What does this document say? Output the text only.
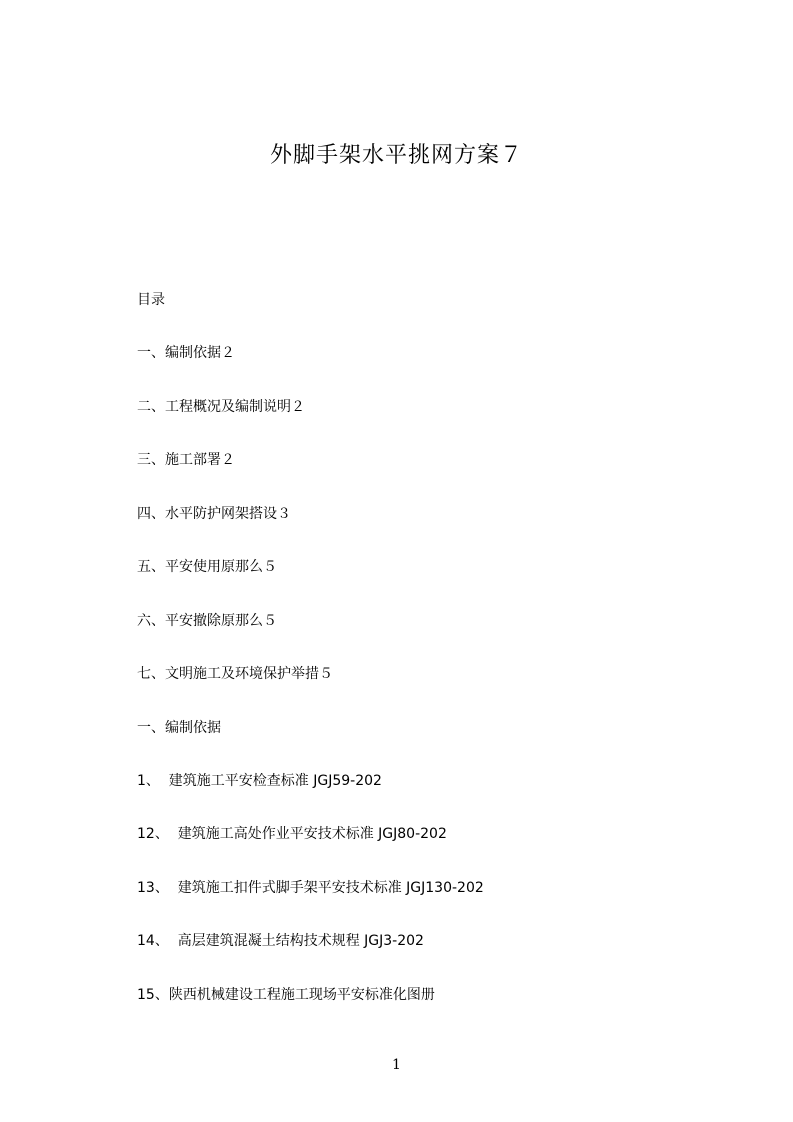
外脚手架水平挑网方案７
目录
一、编制依据２
二、工程概况及编制说明２
三、施工部署２
四、水平防护网架搭设３
五、平安使用原那么５
六、平安撤除原那么５
七、文明施工及环境保护举措５
一、编制依据
1、  建筑施工平安检查标准 JGJ59-202
12、  建筑施工高处作业平安技术标准 JGJ80-202
13、  建筑施工扣件式脚手架平安技术标准 JGJ130-202
14、  高层建筑混凝土结构技术规程 JGJ3-202
15、陕西机械建设工程施工现场平安标准化图册
1
